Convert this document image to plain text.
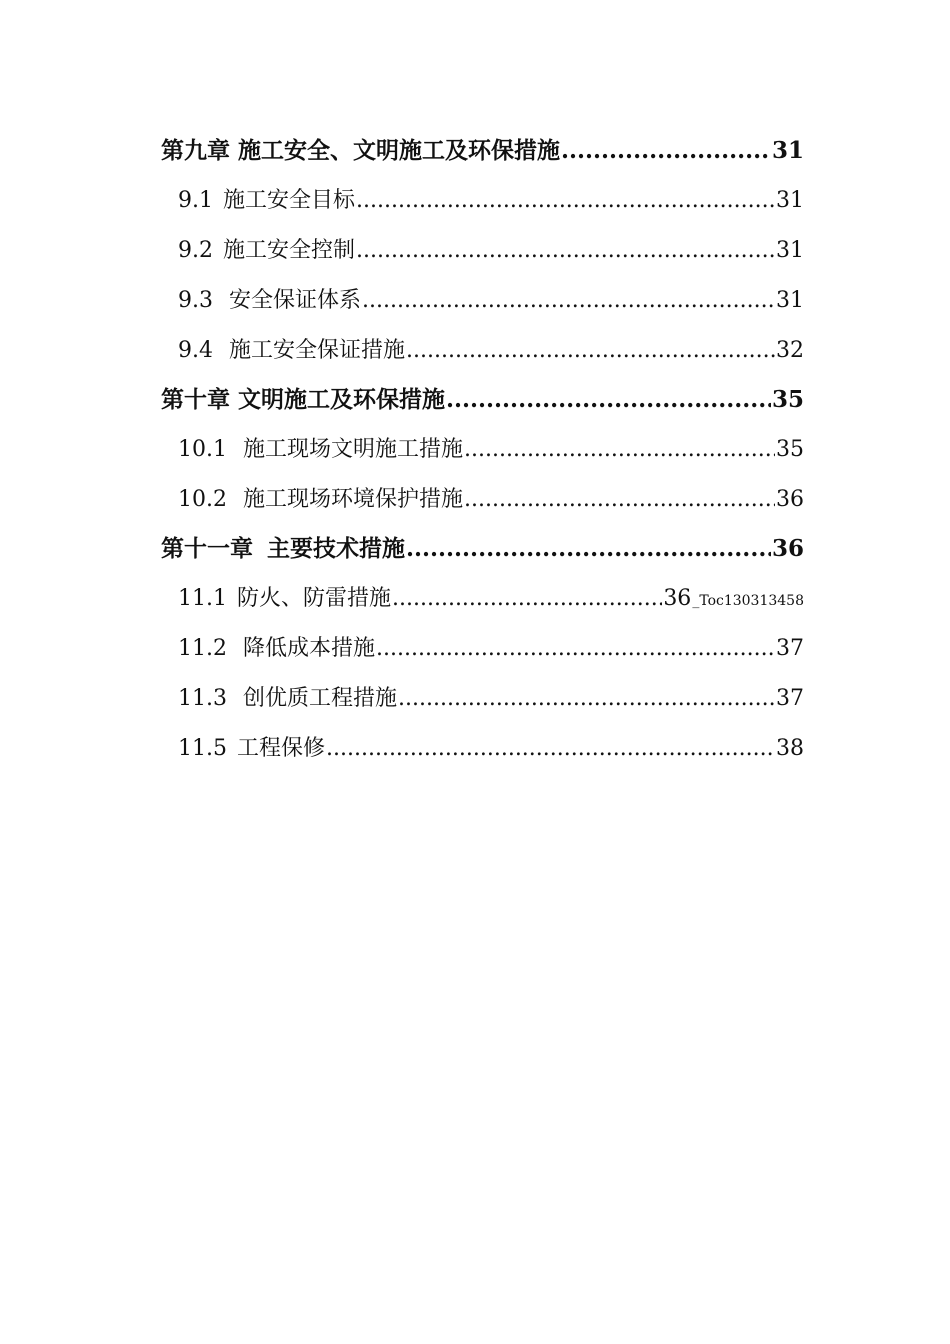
第九章 施工安全、文明施工及环保措施 .....	31
9.1 施工安全目标 .....	31
9.2 施工安全控制 .....	31
9.3 安全保证体系 .....	31
9.4 施工安全保证措施 .....	32
第十章 文明施工及环保措施 .....	35
10.1 施工现场文明施工措施 .....	35
10.2 施工现场环境保护措施 .....	36
第十一章 主要技术措施 .....	36
11.1 防火、防雷措施 .....	36 _Toc130313458
11.2 降低成本措施 .....	37
11.3 创优质工程措施 .....	37
11.5 工程保修 .....	38
